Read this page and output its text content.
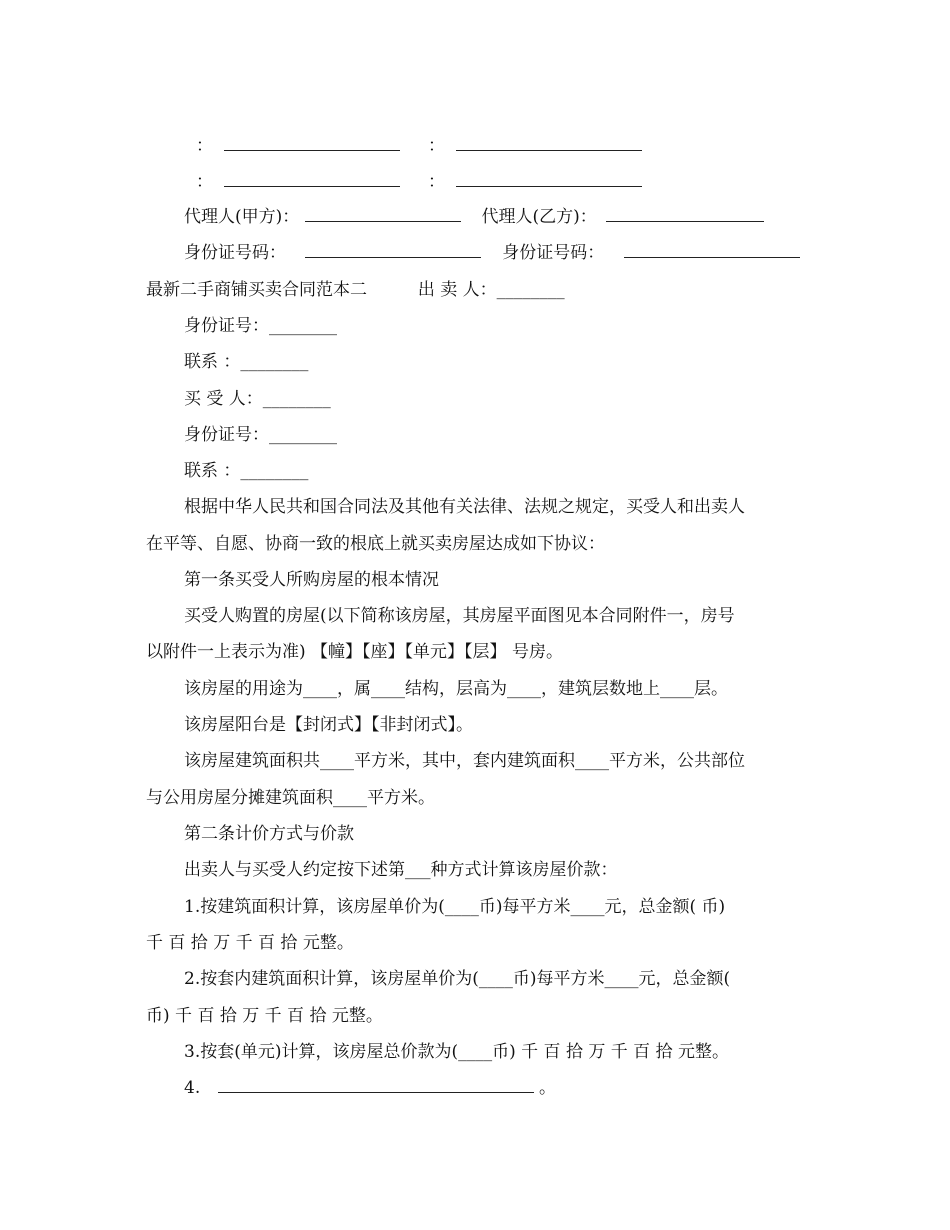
：	：
：	：
代理人(甲方)：	代理人(乙方)：
身份证号码：	身份证号码：
最新二手商铺买卖合同范本二	出 卖 人：________
身份证号：________
联系 ：________
买 受 人：________
身份证号：________
联系 ：________
根据中华人民共和国合同法及其他有关法律、法规之规定，买受人和出卖人
在平等、自愿、协商一致的根底上就买卖房屋达成如下协议：
第一条买受人所购房屋的根本情况
买受人购置的房屋(以下简称该房屋，其房屋平面图见本合同附件一，房号
以附件一上表示为准) 【幢】【座】【单元】【层】 号房。
该房屋的用途为____，属____结构，层高为____，建筑层数地上____层。
该房屋阳台是【封闭式】【非封闭式】。
该房屋建筑面积共____平方米，其中，套内建筑面积____平方米，公共部位
与公用房屋分摊建筑面积____平方米。
第二条计价方式与价款
出卖人与买受人约定按下述第___种方式计算该房屋价款：
1.按建筑面积计算，该房屋单价为(____币)每平方米____元，总金额( 币)
千 百 拾 万 千 百 拾 元整。
2.按套内建筑面积计算，该房屋单价为(____币)每平方米____元，总金额(
币) 千 百 拾 万 千 百 拾 元整。
3.按套(单元)计算，该房屋总价款为(____币) 千 百 拾 万 千 百 拾 元整。
4.	。
